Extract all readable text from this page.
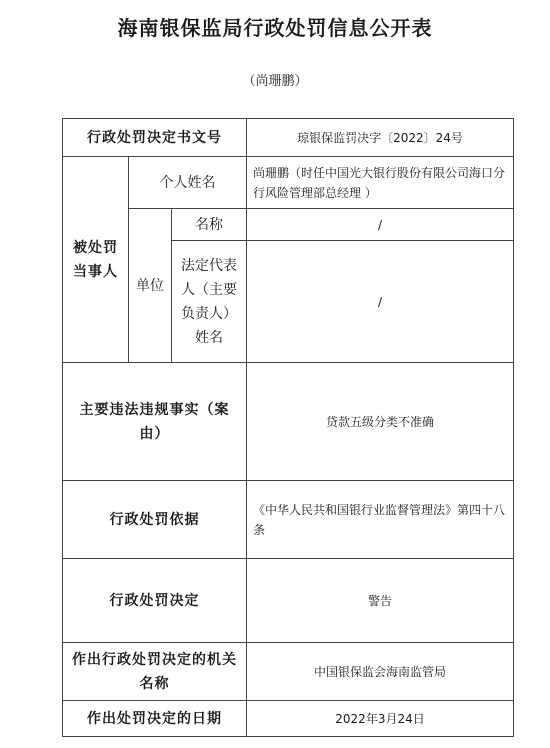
海南银保监局行政处罚信息公开表
（尚珊鹏）
行政处罚决定书文号			琼银保监罚决字〔2022〕24号
被处罚当事人	个人姓名		尚珊鹏（时任中国光大银行股份有限公司海口分行风险管理部总经理 ）
	单位	名称	/
		法定代表人（主要负责人）姓名	/
主要违法违规事实（案由）			贷款五级分类不准确
行政处罚依据			《中华人民共和国银行业监督管理法》第四十八条
行政处罚决定			警告
作出行政处罚决定的机关名称			中国银保监会海南监管局
作出处罚决定的日期			2022年3月24日
